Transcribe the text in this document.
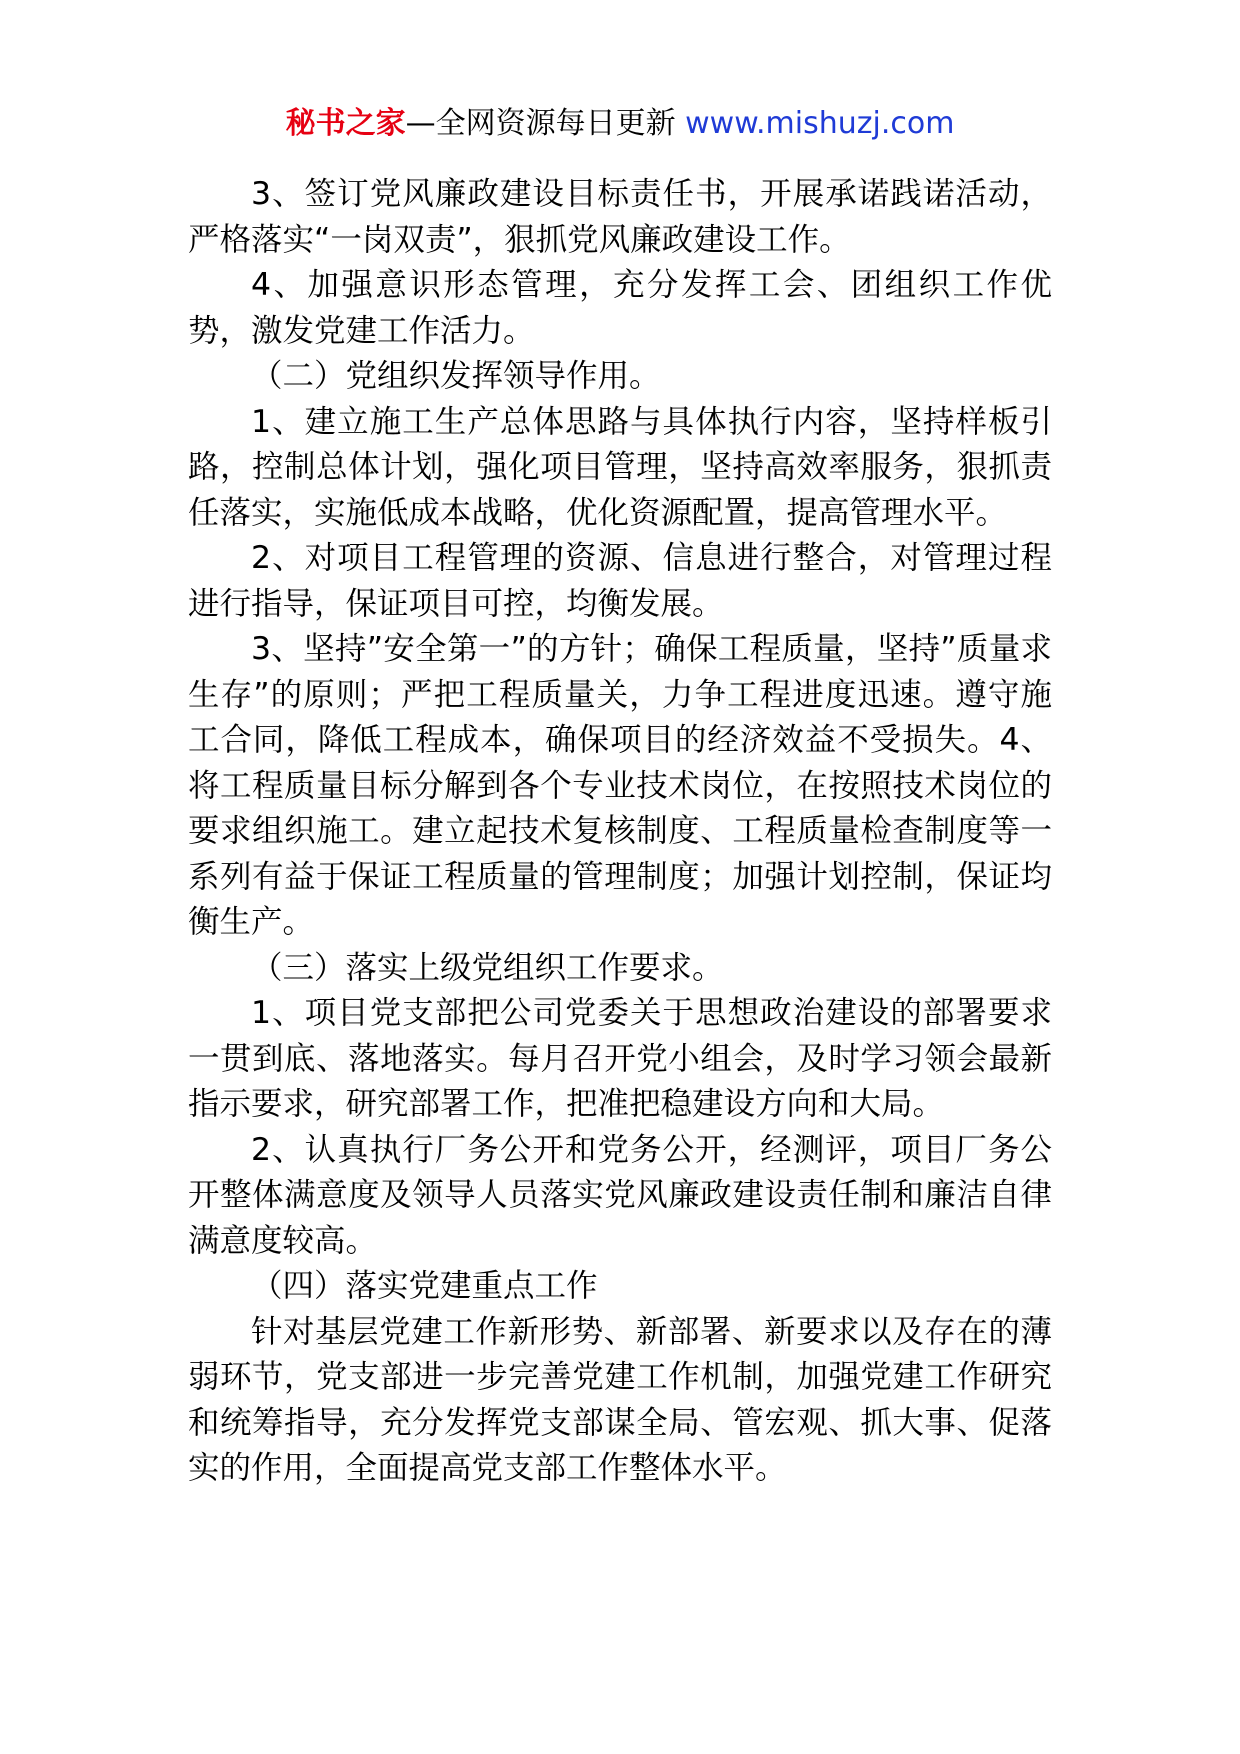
秘书之家—全网资源每日更新 www.mishuzj.com

3、签订党风廉政建设目标责任书，开展承诺践诺活动，严格落实“一岗双责”，狠抓党风廉政建设工作。

4、加强意识形态管理，充分发挥工会、团组织工作优势，激发党建工作活力。

（二）党组织发挥领导作用。

1、建立施工生产总体思路与具体执行内容，坚持样板引路，控制总体计划，强化项目管理，坚持高效率服务，狠抓责任落实，实施低成本战略，优化资源配置，提高管理水平。

2、对项目工程管理的资源、信息进行整合，对管理过程进行指导，保证项目可控，均衡发展。

3、坚持”安全第一”的方针；确保工程质量，坚持”质量求生存”的原则；严把工程质量关，力争工程进度迅速。遵守施工合同，降低工程成本，确保项目的经济效益不受损失。4、将工程质量目标分解到各个专业技术岗位，在按照技术岗位的要求组织施工。建立起技术复核制度、工程质量检查制度等一系列有益于保证工程质量的管理制度；加强计划控制，保证均衡生产。

（三）落实上级党组织工作要求。

1、项目党支部把公司党委关于思想政治建设的部署要求一贯到底、落地落实。每月召开党小组会，及时学习领会最新指示要求，研究部署工作，把准把稳建设方向和大局。

2、认真执行厂务公开和党务公开，经测评，项目厂务公开整体满意度及领导人员落实党风廉政建设责任制和廉洁自律满意度较高。

（四）落实党建重点工作

针对基层党建工作新形势、新部署、新要求以及存在的薄弱环节，党支部进一步完善党建工作机制，加强党建工作研究和统筹指导，充分发挥党支部谋全局、管宏观、抓大事、促落实的作用，全面提高党支部工作整体水平。
